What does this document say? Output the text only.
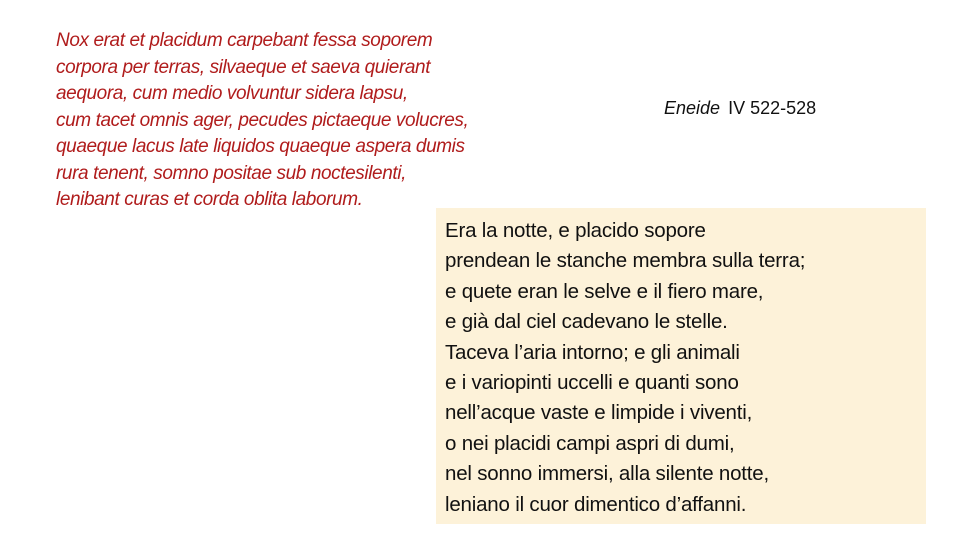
Nox erat et placidum carpebant fessa soporem
corpora per terras, silvaeque et saeva quierant
aequora, cum medio volvuntur sidera lapsu,
cum tacet omnis ager, pecudes pictaeque volucres,
quaeque lacus late liquidos quaeque aspera dumis
rura tenent, somno positae sub noctesilenti,
lenibant curas et corda oblita laborum.
Eneide IV 522-528
Era la notte, e placido sopore
prendean le stanche membra sulla terra;
e quete eran le selve e il fiero mare,
e già dal ciel cadevano le stelle.
Taceva l’aria intorno; e gli animali
e i variopinti uccelli e quanti sono
nell’acque vaste e limpide i viventi,
o nei placidi campi aspri di dumi,
nel sonno immersi, alla silente notte,
leniano il cuor dimentico d’affanni.
